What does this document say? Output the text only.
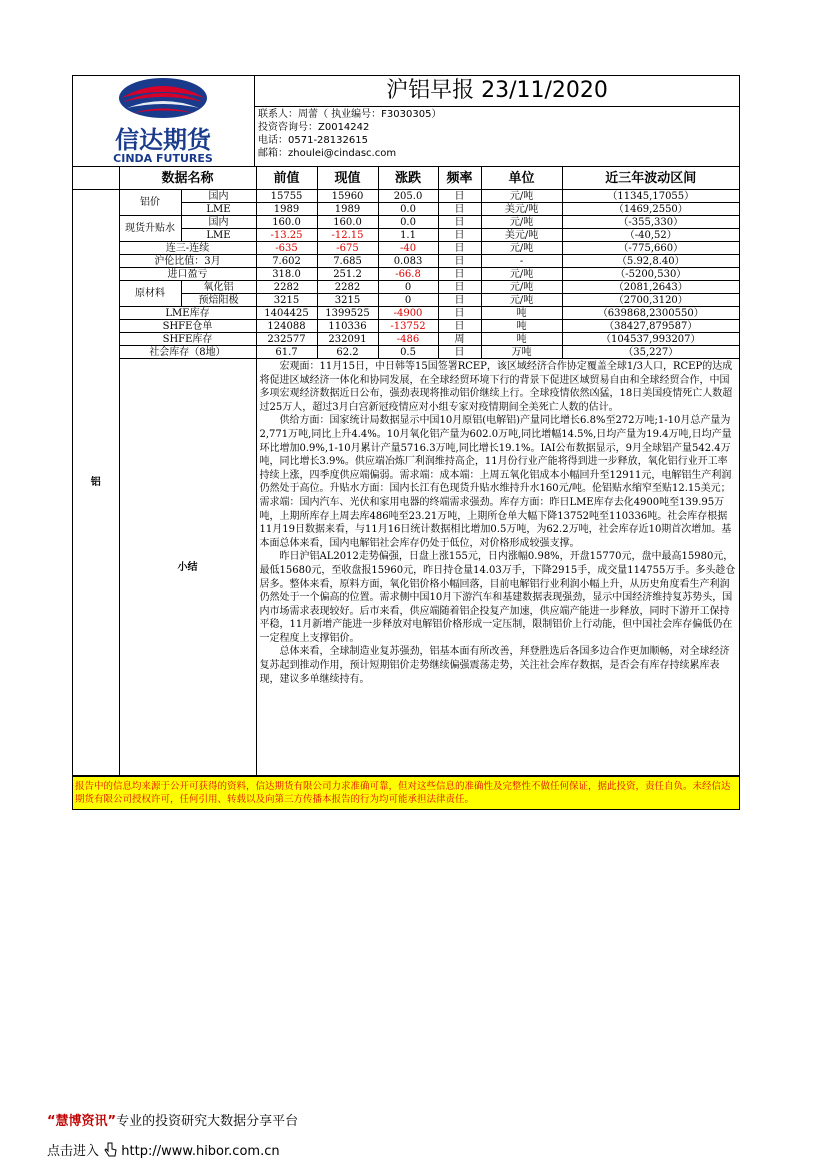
信达期货
CINDA FUTURES
沪铝早报 23/11/2020
联系人：周蕾（ 执业编号：F3030305）
投资咨询号：Z0014242
电话：0571-28132615
邮箱：zhoulei@cindasc.com
	数据名称		前值	现值	涨跌	频率	单位	近三年波动区间
铝	铝价	国内	15755	15960	205.0	日	元/吨	（11345,17055）
		LME	1989	1989	0.0	日	美元/吨	（1469,2550）
	现货升贴水	国内	160.0	160.0	0.0	日	元/吨	（-355,330）
		LME	-13.25	-12.15	1.1	日	美元/吨	（-40,52）
	连三-连续		-635	-675	-40	日	元/吨	（-775,660）
	沪伦比值：3月		7.602	7.685	0.083	日	-	（5.92,8.40）
	进口盈亏		318.0	251.2	-66.8	日	元/吨	（-5200,530）
	原材料	氧化铝	2282	2282	0	日	元/吨	（2081,2643）
		预焙阳极	3215	3215	0	日	元/吨	（2700,3120）
	LME库存		1404425	1399525	-4900	日	吨	（639868,2300550）
	SHFE仓单		124088	110336	-13752	日	吨	（38427,879587）
	SHFE库存		232577	232091	-486	周	吨	（104537,993207）
	社会库存（8地）		61.7	62.2	0.5	日	万吨	（35,227）
	小结		宏观面：11月15日，中日韩等15国签署RCEP，该区域经济合作协定覆盖全球1/3人口，RCEP的达成将促进区域经济一体化和协同发展，在全球经贸环境下行的背景下促进区域贸易自由和全球经贸合作，中国多项宏观经济数据近日公布，强劲表现将推动铝价继续上行。全球疫情依然凶猛，18日美国疫情死亡人数超过25万人，超过3月白宫新冠疫情应对小组专家对疫情期间全美死亡人数的估计。

供给方面：国家统计局数据显示中国10月原铝(电解铝)产量同比增长6.8%至272万吨;1-10月总产量为2,771万吨,同比上升4.4%。10月氧化铝产量为602.0万吨,同比增幅14.5%,日均产量为19.4万吨,日均产量环比增加0.9%,1-10月累计产量5716.3万吨,同比增长19.1%。IAI公布数据显示，9月全球铝产量542.4万吨，同比增长3.9%。供应端冶炼厂利润维持高企，11月份行业产能将得到进一步释放，氧化铝行业开工率持续上涨，四季度供应端偏弱。需求端：成本端：上周五氧化铝成本小幅回升至12911元，电解铝生产利润仍然处于高位。升贴水方面：国内长江有色现货升贴水维持升水160元/吨。伦铝贴水缩窄至贴12.15美元；需求端：国内汽车、光伏和家用电器的终端需求强劲。库存方面：昨日LME库存去化4900吨至139.95万吨，上期所库存上周去库486吨至23.21万吨，上期所仓单大幅下降13752吨至110336吨。社会库存根据11月19日数据来看，与11月16日统计数据相比增加0.5万吨，为62.2万吨，社会库存近10期首次增加。基本面总体来看，国内电解铝社会库存仍处于低位，对价格形成较强支撑。

昨日沪铝AL2012走势偏强，日盘上涨155元，日内涨幅0.98%，开盘15770元，盘中最高15980元，最低15680元，至收盘报15960元，昨日持仓量14.03万手，下降2915手，成交量114755万手。多头趁仓居多。整体来看，原料方面，氧化铝价格小幅回落，目前电解铝行业利润小幅上升，从历史角度看生产利润仍然处于一个偏高的位置。需求侧中国10月下游汽车和基建数据表现强劲，显示中国经济维持复苏势头，国内市场需求表现较好。后市来看，供应端随着铝企投复产加速，供应端产能进一步释放，同时下游开工保持平稳，11月新增产能进一步释放对电解铝价格形成一定压制，限制铝价上行动能，但中国社会库存偏低仍在一定程度上支撑铝价。

总体来看，全球制造业复苏强劲，铝基本面有所改善，拜登胜选后各国多边合作更加顺畅，对全球经济复苏起到推动作用，预计短期铝价走势继续偏强震荡走势，关注社会库存数据，是否会有库存持续累库表现，建议多单继续持有。					

报告中的信息均来源于公开可获得的资料，信达期货有限公司力求准确可靠，但对这些信息的准确性及完整性不做任何保证，据此投资，责任自负。未经信达期货有限公司授权许可，任何引用、转载以及向第三方传播本报告的行为均可能承担法律责任。
“慧博资讯”专业的投资研究大数据分享平台
点击进入 http://www.hibor.com.cn
